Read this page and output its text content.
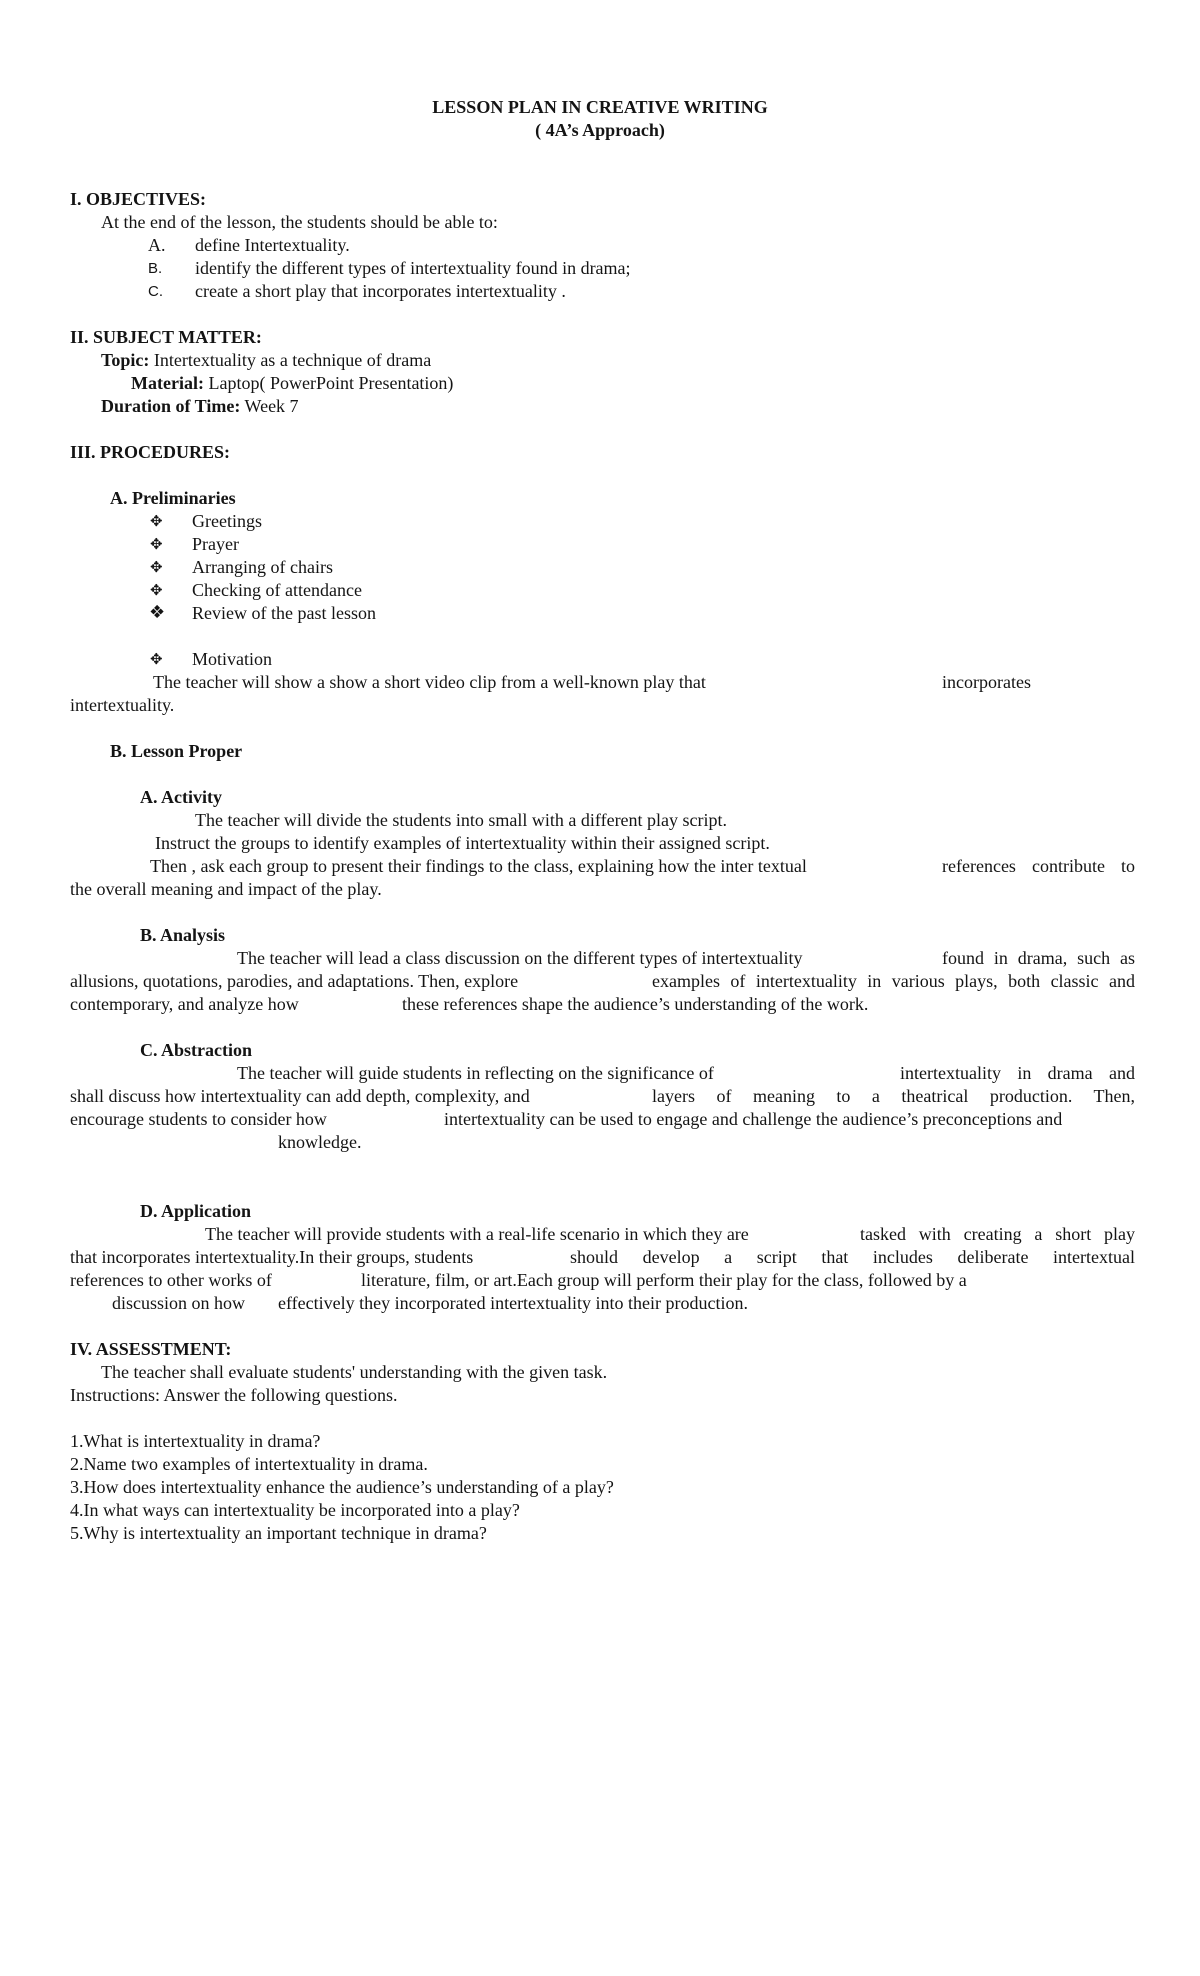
LESSON PLAN IN CREATIVE WRITING
( 4A’s Approach)
I. OBJECTIVES:
At the end of the lesson, the students should be able to:
A. define Intertextuality.
B. identify the different types of intertextuality found in drama;
C. create a short play that incorporates intertextuality .
II. SUBJECT MATTER:
Topic: Intertextuality as a technique of drama
Material: Laptop( PowerPoint Presentation)
Duration of Time: Week 7
III. PROCEDURES:
A. Preliminaries
✥ Greetings
✥ Prayer
✥ Arranging of chairs
✥ Checking of attendance
❖ Review of the past lesson
✥ Motivation
The teacher will show a show a short video clip from a well-known play that	incorporates
intertextuality.
B. Lesson Proper
A. Activity
The teacher will divide the students into small with a different play script.
Instruct the groups to identify examples of intertextuality within their assigned script.
Then , ask each group to present their findings to the class, explaining how the inter textual	references contribute to
the overall meaning and impact of the play.
B. Analysis
The teacher will lead a class discussion on the different types of intertextuality	found in drama, such as
allusions, quotations, parodies, and adaptations. Then, explore	examples of intertextuality in various plays, both classic and
contemporary, and analyze how	these references shape the audience’s understanding of the work.
C. Abstraction
The teacher will guide students in reflecting on the significance of	intertextuality in drama and
shall discuss how intertextuality can add depth, complexity, and	layers of meaning to a theatrical production. Then,
encourage students to consider how	intertextuality can be used to engage and challenge the audience’s preconceptions and
knowledge.
D. Application
The teacher will provide students with a real-life scenario in which they are	tasked with creating a short play
that incorporates intertextuality.In their groups, students	should develop a script that includes deliberate intertextual
references to other works of	literature, film, or art.Each group will perform their play for the class, followed by a
discussion on how effectively they incorporated intertextuality into their production.
IV. ASSESSTMENT:
The teacher shall evaluate students' understanding with the given task.
Instructions: Answer the following questions.
1.What is intertextuality in drama?
2.Name two examples of intertextuality in drama.
3.How does intertextuality enhance the audience’s understanding of a play?
4.In what ways can intertextuality be incorporated into a play?
5.Why is intertextuality an important technique in drama?
